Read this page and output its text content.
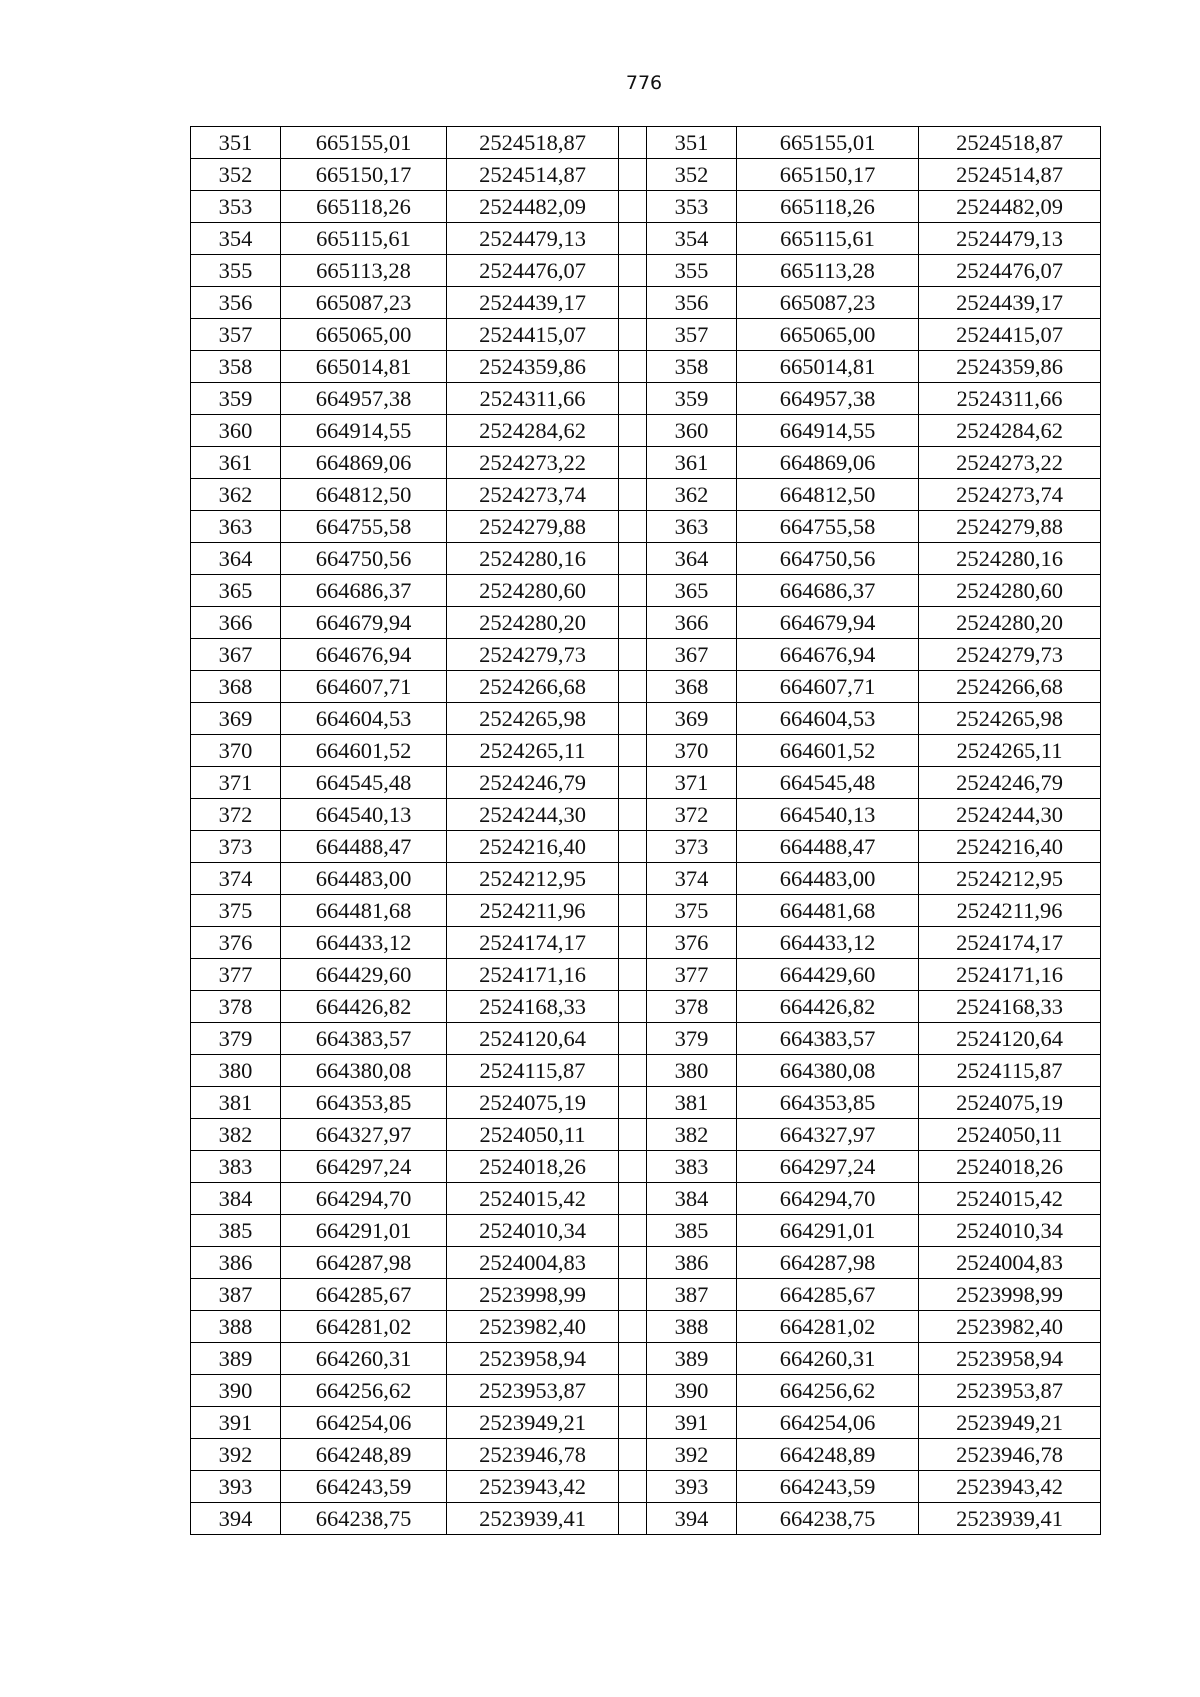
776
351	665155,01	2524518,87		351	665155,01	2524518,87
352	665150,17	2524514,87		352	665150,17	2524514,87
353	665118,26	2524482,09		353	665118,26	2524482,09
354	665115,61	2524479,13		354	665115,61	2524479,13
355	665113,28	2524476,07		355	665113,28	2524476,07
356	665087,23	2524439,17		356	665087,23	2524439,17
357	665065,00	2524415,07		357	665065,00	2524415,07
358	665014,81	2524359,86		358	665014,81	2524359,86
359	664957,38	2524311,66		359	664957,38	2524311,66
360	664914,55	2524284,62		360	664914,55	2524284,62
361	664869,06	2524273,22		361	664869,06	2524273,22
362	664812,50	2524273,74		362	664812,50	2524273,74
363	664755,58	2524279,88		363	664755,58	2524279,88
364	664750,56	2524280,16		364	664750,56	2524280,16
365	664686,37	2524280,60		365	664686,37	2524280,60
366	664679,94	2524280,20		366	664679,94	2524280,20
367	664676,94	2524279,73		367	664676,94	2524279,73
368	664607,71	2524266,68		368	664607,71	2524266,68
369	664604,53	2524265,98		369	664604,53	2524265,98
370	664601,52	2524265,11		370	664601,52	2524265,11
371	664545,48	2524246,79		371	664545,48	2524246,79
372	664540,13	2524244,30		372	664540,13	2524244,30
373	664488,47	2524216,40		373	664488,47	2524216,40
374	664483,00	2524212,95		374	664483,00	2524212,95
375	664481,68	2524211,96		375	664481,68	2524211,96
376	664433,12	2524174,17		376	664433,12	2524174,17
377	664429,60	2524171,16		377	664429,60	2524171,16
378	664426,82	2524168,33		378	664426,82	2524168,33
379	664383,57	2524120,64		379	664383,57	2524120,64
380	664380,08	2524115,87		380	664380,08	2524115,87
381	664353,85	2524075,19		381	664353,85	2524075,19
382	664327,97	2524050,11		382	664327,97	2524050,11
383	664297,24	2524018,26		383	664297,24	2524018,26
384	664294,70	2524015,42		384	664294,70	2524015,42
385	664291,01	2524010,34		385	664291,01	2524010,34
386	664287,98	2524004,83		386	664287,98	2524004,83
387	664285,67	2523998,99		387	664285,67	2523998,99
388	664281,02	2523982,40		388	664281,02	2523982,40
389	664260,31	2523958,94		389	664260,31	2523958,94
390	664256,62	2523953,87		390	664256,62	2523953,87
391	664254,06	2523949,21		391	664254,06	2523949,21
392	664248,89	2523946,78		392	664248,89	2523946,78
393	664243,59	2523943,42		393	664243,59	2523943,42
394	664238,75	2523939,41		394	664238,75	2523939,41
